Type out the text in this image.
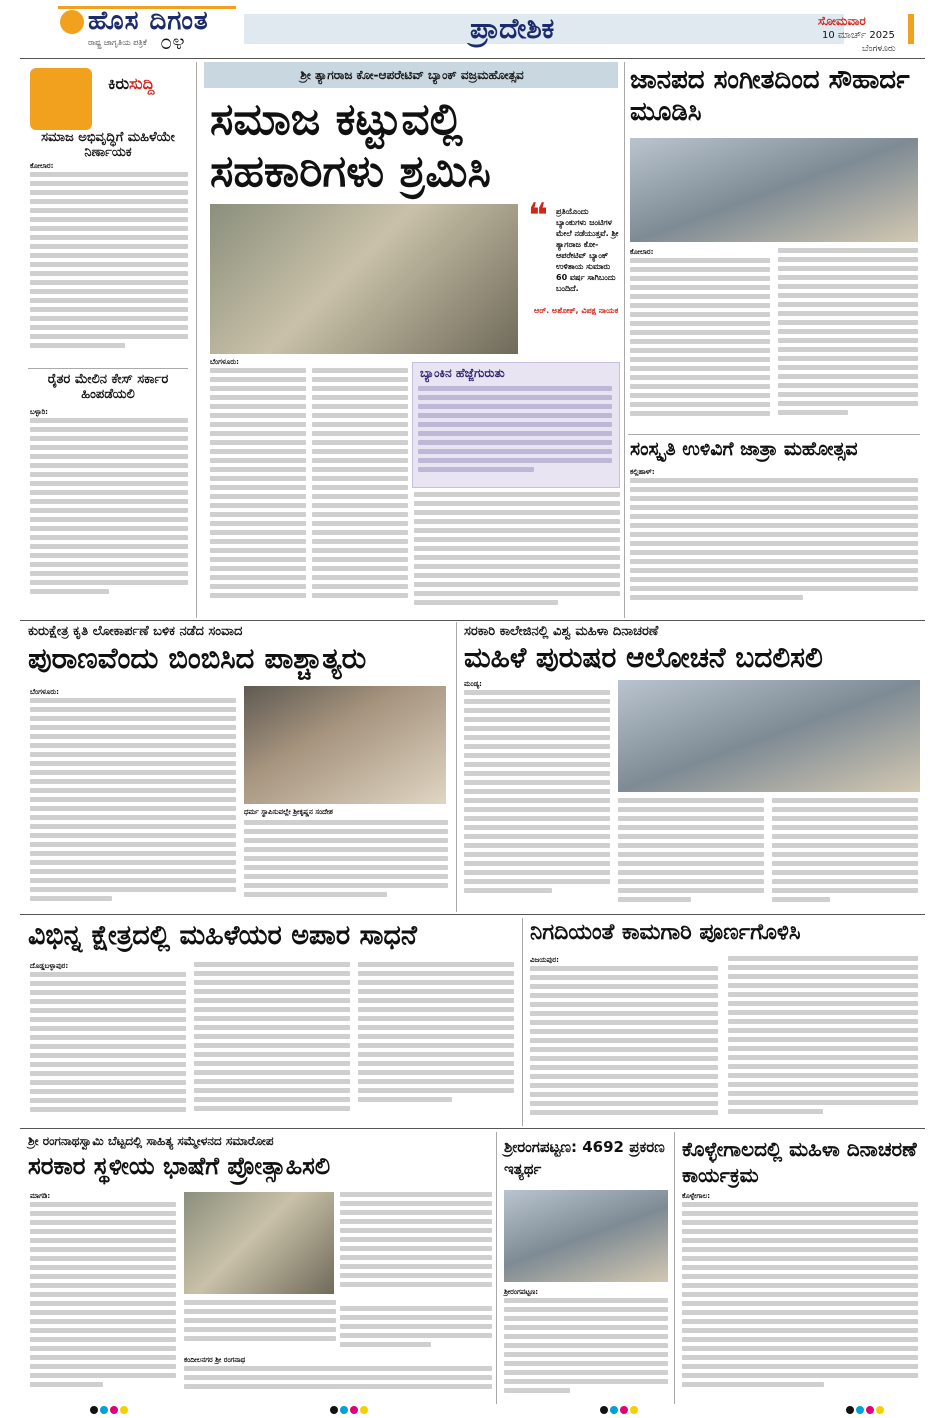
ಹೊಸ ದಿಗಂತ
ರಾಷ್ಟ್ರ ಜಾಗೃತಿಯ ಪತ್ರಿಕೆ ೦೪	ಪ್ರಾದೇಶಿಕ	ಸೋಮವಾರ
10 ಮಾರ್ಚ್ 2025
ಬೆಂಗಳೂರು
ಕಿರುಸುದ್ದಿ
ಸಮಾಜ ಅಭಿವೃದ್ಧಿಗೆ ಮಹಿಳೆಯೇ ನಿರ್ಣಾಯಕ
ಕೋಲಾರ:
ರೈತರ ಮೇಲಿನ ಕೇಸ್ ಸರ್ಕಾರ ಹಿಂಪಡೆಯಲಿ
ಬಳ್ಳಾರಿ:
ಶ್ರೀ ತ್ಯಾಗರಾಜ ಕೋ-ಆಪರೇಟಿವ್ ಬ್ಯಾಂಕ್ ವಜ್ರಮಹೋತ್ಸವ
ಸಮಾಜ ಕಟ್ಟುವಲ್ಲಿ ಸಹಕಾರಿಗಳು ಶ್ರಮಿಸಿ
❝ ಪ್ರತಿಯೊಂದು ಬ್ಯಾಂಕುಗಳು ಜಂಟಿಗಳ ಮೇಲೆ ನಡೆಯುತ್ತವೆ. ಶ್ರೀ ತ್ಯಾಗರಾಜ ಕೋ-ಆಪರೇಟಿವ್ ಬ್ಯಾಂಕ್ ಉಳಿತಾಯ ಸುಮಾರು 60 ವರ್ಷ ಸಾಗಿಬಂದು ಬಂದಿದೆ.
ಆರ್. ಅಶೋಕ್, ವಿಪಕ್ಷ ನಾಯಕ
ಬೆಂಗಳೂರು:
ಬ್ಯಾಂಕಿನ ಹೆಜ್ಜೆಗುರುತು
ಜಾನಪದ ಸಂಗೀತದಿಂದ ಸೌಹಾರ್ದ ಮೂಡಿಸಿ
ಕೋಲಾರ:
ಸಂಸ್ಕೃತಿ ಉಳಿವಿಗೆ ಜಾತ್ರಾ ಮಹೋತ್ಸವ
ಕಲ್ಲಿಹಾಳ್:
ಕುರುಕ್ಷೇತ್ರ ಕೃತಿ ಲೋಕಾರ್ಪಣೆ ಬಳಿಕ ನಡೆದ ಸಂವಾದ
ಪುರಾಣವೆಂದು ಬಿಂಬಿಸಿದ ಪಾಶ್ಚಾತ್ಯರು
ಬೆಂಗಳೂರು:
ಧರ್ಮ ಸ್ಥಾಪಿಸುವಲ್ಲೇ ಶ್ರೀಕೃಷ್ಣನ ಸಂದೇಶ
ಸರಕಾರಿ ಕಾಲೇಜಿನಲ್ಲಿ ವಿಶ್ವ ಮಹಿಳಾ ದಿನಾಚರಣೆ
ಮಹಿಳೆ ಪುರುಷರ ಆಲೋಚನೆ ಬದಲಿಸಲಿ
ಮಂಡ್ಯ:
ವಿಭಿನ್ನ ಕ್ಷೇತ್ರದಲ್ಲಿ ಮಹಿಳೆಯರ ಅಪಾರ ಸಾಧನೆ
ದೊಡ್ಡಬಳ್ಳಾಪುರ:
ನಿಗದಿಯಂತೆ ಕಾಮಗಾರಿ ಪೂರ್ಣಗೊಳಿಸಿ
ವಿಜಯಪುರ:
ಶ್ರೀ ರಂಗನಾಥಸ್ವಾಮಿ ಬೆಟ್ಟದಲ್ಲಿ ಸಾಹಿತ್ಯ ಸಮ್ಮೇಳನದ ಸಮಾರೋಪ
ಸರಕಾರ ಸ್ಥಳೀಯ ಭಾಷೆಗೆ ಪ್ರೋತ್ಸಾಹಿಸಲಿ
ಮಾಗಡಿ:
ಕಂದೀಲನಗರ ಶ್ರೀ ರಂಗನಾಥ
ಶ್ರೀರಂಗಪಟ್ಟಣ: 4692 ಪ್ರಕರಣ ಇತ್ಯರ್ಥ
ಶ್ರೀರಂಗಪಟ್ಟಣ:
ಕೊಳ್ಳೇಗಾಲದಲ್ಲಿ ಮಹಿಳಾ ದಿನಾಚರಣೆ ಕಾರ್ಯಕ್ರಮ
ಕೊಳ್ಳೇಗಾಲ:
